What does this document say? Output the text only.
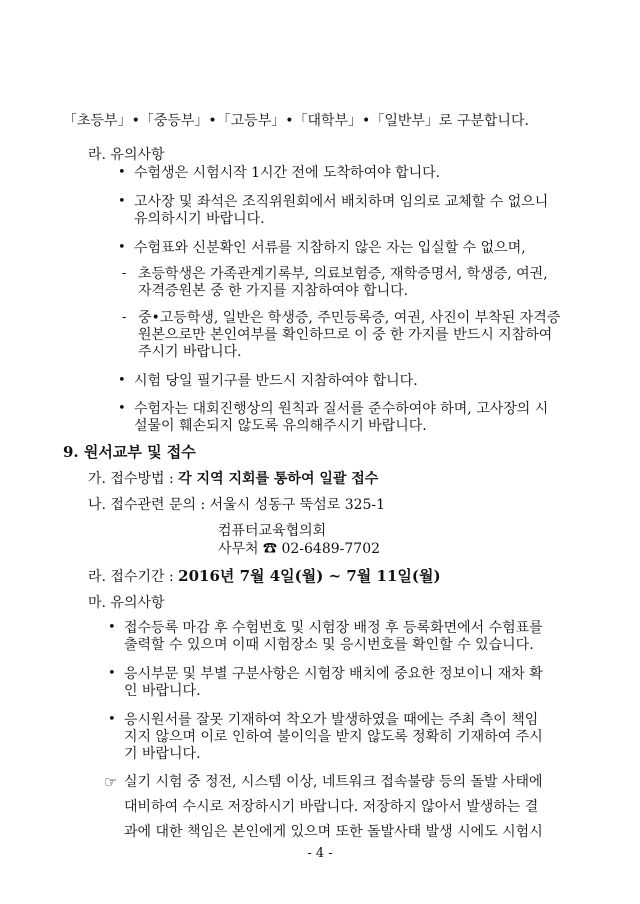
「초등부」•「중등부」•「고등부」•「대학부」•「일반부」로 구분합니다.
라. 유의사항
• 수험생은 시험시작 1시간 전에 도착하여야 합니다.
• 고사장 및 좌석은 조직위원회에서 배치하며 임의로 교체할 수 없으니
유의하시기 바랍니다.
• 수험표와 신분확인 서류를 지참하지 않은 자는 입실할 수 없으며,
- 초등학생은 가족관계기록부, 의료보험증, 재학증명서, 학생증, 여권,
자격증원본 중 한 가지를 지참하여야 합니다.
- 중•고등학생, 일반은 학생증, 주민등록증, 여권, 사진이 부착된 자격증
원본으로만 본인여부를 확인하므로 이 중 한 가지를 반드시 지참하여
주시기 바랍니다.
• 시험 당일 필기구를 반드시 지참하여야 합니다.
• 수험자는 대회진행상의 원칙과 질서를 준수하여야 하며, 고사장의 시
설물이 훼손되지 않도록 유의해주시기 바랍니다.
9. 원서교부 및 접수
가. 접수방법 : 각 지역 지회를 통하여 일괄 접수
나. 접수관련 문의 : 서울시 성동구 뚝섬로 325-1
컴퓨터교육협의회
사무처 ☎ 02-6489-7702
라. 접수기간 : 2016년 7월 4일(월) ~ 7월 11일(월)
마. 유의사항
• 접수등록 마감 후 수험번호 및 시험장 배정 후 등록화면에서 수험표를
출력할 수 있으며 이때 시험장소 및 응시번호를 확인할 수 있습니다.
• 응시부문 및 부별 구분사항은 시험장 배치에 중요한 정보이니 재차 확
인 바랍니다.
• 응시원서를 잘못 기재하여 착오가 발생하였을 때에는 주최 측이 책임
지지 않으며 이로 인하여 불이익을 받지 않도록 정확히 기재하여 주시
기 바랍니다.
☞ 실기 시험 중 정전, 시스템 이상, 네트워크 접속불량 등의 돌발 사태에
대비하여 수시로 저장하시기 바랍니다. 저장하지 않아서 발생하는 결
과에 대한 책임은 본인에게 있으며 또한 돌발사태 발생 시에도 시험시
- 4 -
